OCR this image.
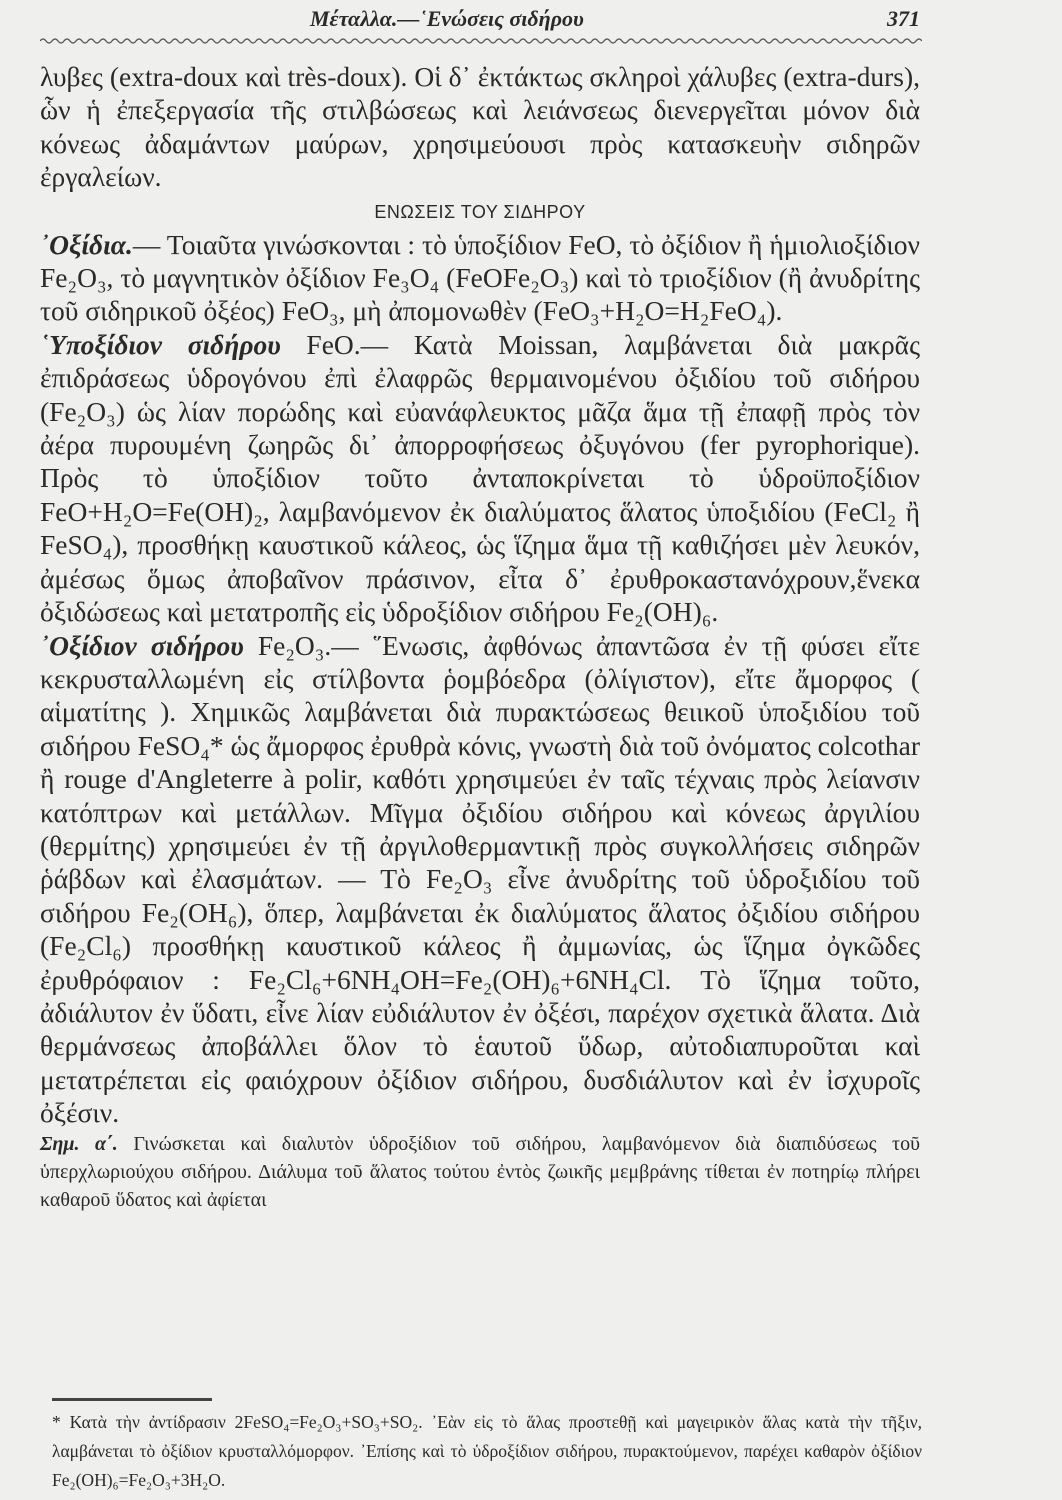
Μέταλλα.—῾Ενώσεις σιδήρου	371

λυβες (extra-doux καὶ très-doux). Οἱ δ᾿ ἐκτάκτως σκληροὶ χάλυβες (extra-durs), ὧν ἡ ἐπεξεργασία τῆς στιλβώσεως καὶ λειάνσεως διενεργεῖται μόνον διὰ κόνεως ἀδαμάντων μαύρων, χρησιμεύουσι πρὸς κατασκευὴν σιδηρῶν ἐργαλείων.

ΕΝΩΣΕΙΣ ΤΟΥ ΣΙΔΗΡΟΥ

᾿Οξίδια.— Τοιαῦτα γινώσκονται : τὸ ὑποξίδιον FeO, τὸ ὀξίδιον ἢ ἡμιολιοξίδιον Fe₂O₃, τὸ μαγνητικὸν ὀξίδιον Fe₃O₄ (FeOFe₂O₃) καὶ τὸ τριοξίδιον (ἢ ἀνυδρίτης τοῦ σιδηρικοῦ ὀξέος) FeO₃, μὴ ἀπομονωθὲν (FeO₃+H₂O=H₂FeO₄).

῾Υποξίδιον σιδήρου FeO.— Κατὰ Moissan, λαμβάνεται διὰ μακρᾶς ἐπιδράσεως ὑδρογόνου ἐπὶ ἐλαφρῶς θερμαινομένου ὀξιδίου τοῦ σιδήρου (Fe₂O₃) ὡς λίαν πορώδης καὶ εὐανάφλευκτος μᾶζα ἅμα τῇ ἐπαφῇ πρὸς τὸν ἀέρα πυρουμένη ζωηρῶς δι᾿ ἀπορροφήσεως ὀξυγόνου (fer pyrophorique). Πρὸς τὸ ὑποξίδιον τοῦτο ἀνταποκρίνεται τὸ ὑδροϋποξίδιον FeO+H₂O=Fe(OH)₂, λαμβανόμενον ἐκ διαλύματος ἅλατος ὑποξιδίου (FeCl₂ ἢ FeSO₄), προσθήκῃ καυστικοῦ κάλεος, ὡς ἵζημα ἅμα τῇ καθιζήσει μὲν λευκόν, ἀμέσως ὅμως ἀποβαῖνον πράσινον, εἶτα δ᾿ ἐρυθροκαστανόχρουν,ἕνεκα ὀξιδώσεως καὶ μετατροπῆς εἰς ὑδροξίδιον σιδήρου Fe₂(OH)₆.

᾿Οξίδιον σιδήρου Fe₂O₃.— ῞Ενωσις, ἀφθόνως ἀπαντῶσα ἐν τῇ φύσει εἴτε κεκρυσταλλωμένη εἰς στίλβοντα ῥομβόεδρα (ὀλίγιστον), εἴτε ἄμορφος ( αἱματίτης ). Χημικῶς λαμβάνεται διὰ πυρακτώσεως θειικοῦ ὑποξιδίου τοῦ σιδήρου FeSO₄* ὡς ἄμορφος ἐρυθρὰ κόνις, γνωστὴ διὰ τοῦ ὀνόματος colcothar ἢ rouge d'Angleterre à polir, καθότι χρησιμεύει ἐν ταῖς τέχναις πρὸς λείανσιν κατόπτρων καὶ μετάλλων. Μῖγμα ὀξιδίου σιδήρου καὶ κόνεως ἀργιλίου (θερμίτης) χρησιμεύει ἐν τῇ ἀργιλοθερμαντικῇ πρὸς συγκολλήσεις σιδηρῶν ῥάβδων καὶ ἐλασμάτων. — Τὸ Fe₂O₃ εἶνε ἀνυδρίτης τοῦ ὑδροξιδίου τοῦ σιδήρου Fe₂(OH₆), ὅπερ, λαμβάνεται ἐκ διαλύματος ἅλατος ὀξιδίου σιδήρου (Fe₂Cl₆) προσθήκῃ καυστικοῦ κάλεος ἢ ἀμμωνίας, ὡς ἵζημα ὀγκῶδες ἐρυθρόφαιον : Fe₂Cl₆+6NH₄OH=Fe₂(OH)₆+6NH₄Cl. Τὸ ἵζημα τοῦτο, ἀδιάλυτον ἐν ὕδατι, εἶνε λίαν εὐδιάλυτον ἐν ὀξέσι, παρέχον σχετικὰ ἅλατα. Διὰ θερμάνσεως ἀποβάλλει ὅλον τὸ ἑαυτοῦ ὕδωρ, αὐτοδιαπυροῦται καὶ μετατρέπεται εἰς φαιόχρουν ὀξίδιον σιδήρου, δυσδιάλυτον καὶ ἐν ἰσχυροῖς ὀξέσιν.

Σημ. α΄. Γινώσκεται καὶ διαλυτὸν ὑδροξίδιον τοῦ σιδήρου, λαμβανόμενον διὰ διαπιδύσεως τοῦ ὑπερχλωριούχου σιδήρου. Διάλυμα τοῦ ἅλατος τούτου ἐντὸς ζωικῆς μεμβράνης τίθεται ἐν ποτηρίῳ πλήρει καθαροῦ ὕδατος καὶ ἀφίεται

* Κατὰ τὴν ἀντίδρασιν 2FeSO₄=Fe₂O₃+SO₃+SO₂. ᾿Εὰν εἰς τὸ ἅλας προστεθῇ καὶ μαγειρικὸν ἅλας κατὰ τὴν τῆξιν, λαμβάνεται τὸ ὀξίδιον κρυσταλλόμορφον. ᾿Επίσης καὶ τὸ ὑδροξίδιον σιδήρου, πυρακτούμενον, παρέχει καθαρὸν ὀξίδιον Fe₂(OH)₆=Fe₂O₃+3H₂O.
